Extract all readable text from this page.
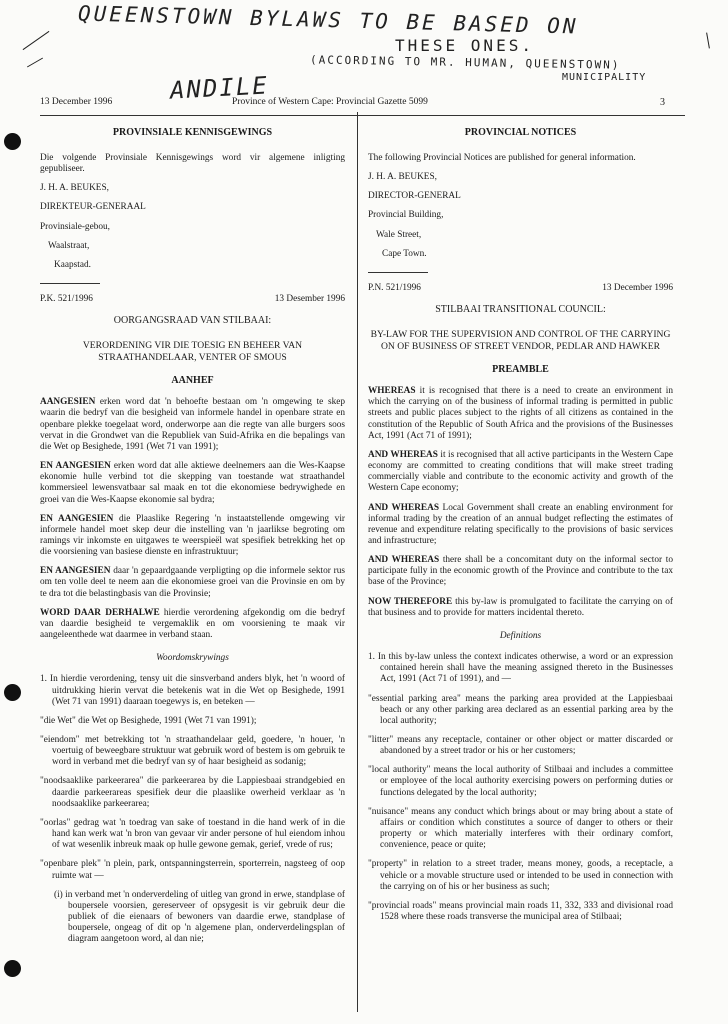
QUEENSTOWN BYLAWS TO BE BASED ON
THESE ONES.
(ACCORDING TO MR. HUMAN, QUEENSTOWN)
MUNICIPALITY
ANDILE
13 December 1996	Province of Western Cape: Provincial Gazette 5099	3
PROVINSIALE KENNISGEWINGS

Die volgende Provinsiale Kennisgewings word vir algemene inligting gepubliseer.

J. H. A. BEUKES,

DIREKTEUR-GENERAAL

Provinsiale-gebou,

Waalstraat,

Kaapstad.

P.K. 521/1996	13 Desember 1996
OORGANGSRAAD VAN STILBAAI:
VERORDENING VIR DIE TOESIG EN BEHEER VAN STRAATHANDELAAR, VENTER OF SMOUS
AANHEF

AANGESIEN erken word dat 'n behoefte bestaan om 'n omgewing te skep waarin die bedryf van die besigheid van informele handel in openbare strate en openbare plekke toegelaat word, onderworpe aan die regte van alle burgers soos vervat in die Grondwet van die Republiek van Suid-Afrika en die bepalings van die Wet op Besighede, 1991 (Wet 71 van 1991);

EN AANGESIEN erken word dat alle aktiewe deelnemers aan die Wes-Kaapse ekonomie hulle verbind tot die skepping van toestande wat straathandel kommersieel lewensvatbaar sal maak en tot die ekonomiese bedrywighede en groei van die Wes-Kaapse ekonomie sal bydra;

EN AANGESIEN die Plaaslike Regering 'n instaatstellende omgewing vir informele handel moet skep deur die instelling van 'n jaarlikse begroting om ramings vir inkomste en uitgawes te weerspieël wat spesifiek betrekking het op die voorsiening van basiese dienste en infrastruktuur;

EN AANGESIEN daar 'n gepaardgaande verpligting op die informele sektor rus om ten volle deel te neem aan die ekonomiese groei van die Provinsie en om by te dra tot die belastingbasis van die Provinsie;

WORD DAAR DERHALWE hierdie verordening afgekondig om die bedryf van daardie besigheid te vergemaklik en om voorsiening te maak vir aangeleenthede wat daarmee in verband staan.

Woordomskrywings

1. In hierdie verordening, tensy uit die sinsverband anders blyk, het 'n woord of uitdrukking hierin vervat die betekenis wat in die Wet op Besighede, 1991 (Wet 71 van 1991) daaraan toegewys is, en beteken —

"die Wet" die Wet op Besighede, 1991 (Wet 71 van 1991);

"eiendom" met betrekking tot 'n straathandelaar geld, goedere, 'n houer, 'n voertuig of beweegbare struktuur wat gebruik word of bestem is om gebruik te word in verband met die bedryf van sy of haar besigheid as sodanig;

"noodsaaklike parkeerarea" die parkeerarea by die Lappiesbaai strandgebied en daardie parkeerareas spesifiek deur die plaaslike owerheid verklaar as 'n noodsaaklike parkeerarea;

"oorlas" gedrag wat 'n toedrag van sake of toestand in die hand werk of in die hand kan werk wat 'n bron van gevaar vir ander persone of hul eiendom inhou of wat wesenlik inbreuk maak op hulle gewone gemak, gerief, vrede of rus;

"openbare plek" 'n plein, park, ontspanningsterrein, sporterrein, nagsteeg of oop ruimte wat —

(i) in verband met 'n onderverdeling of uitleg van grond in erwe, standplase of boupersele voorsien, gereserveer of opsygesit is vir gebruik deur die publiek of die eienaars of bewoners van daardie erwe, standplase of boupersele, ongeag of dit op 'n algemene plan, onderverdelingsplan of diagram aangetoon word, al dan nie;

PROVINCIAL NOTICES

The following Provincial Notices are published for general information.

J. H. A. BEUKES,

DIRECTOR-GENERAL

Provincial Building,

Wale Street,

Cape Town.

P.N. 521/1996	13 December 1996
STILBAAI TRANSITIONAL COUNCIL:
BY-LAW FOR THE SUPERVISION AND CONTROL OF THE CARRYING ON OF BUSINESS OF STREET VENDOR, PEDLAR AND HAWKER
PREAMBLE

WHEREAS it is recognised that there is a need to create an environment in which the carrying on of the business of informal trading is permitted in public streets and public places subject to the rights of all citizens as contained in the constitution of the Republic of South Africa and the provisions of the Businesses Act, 1991 (Act 71 of 1991);

AND WHEREAS it is recognised that all active participants in the Western Cape economy are committed to creating conditions that will make street trading commercially viable and contribute to the economic activity and growth of the Western Cape economy;

AND WHEREAS Local Government shall create an enabling environment for informal trading by the creation of an annual budget reflecting the estimates of revenue and expenditure relating specifically to the provisions of basic services and infrastructure;

AND WHEREAS there shall be a concomitant duty on the informal sector to participate fully in the economic growth of the Province and contribute to the tax base of the Province;

NOW THEREFORE this by-law is promulgated to facilitate the carrying on of that business and to provide for matters incidental thereto.

Definitions

1. In this by-law unless the context indicates otherwise, a word or an expression contained herein shall have the meaning assigned thereto in the Businesses Act, 1991 (Act 71 of 1991), and —

"essential parking area" means the parking area provided at the Lappiesbaai beach or any other parking area declared as an essential parking area by the local authority;

"litter" means any receptacle, container or other object or matter discarded or abandoned by a street trador or his or her customers;

"local authority" means the local authority of Stilbaai and includes a committee or employee of the local authority exercising powers on performing duties or functions delegated by the local authority;

"nuisance" means any conduct which brings about or may bring about a state of affairs or condition which constitutes a source of danger to others or their property or which materially interferes with their ordinary comfort, convenience, peace or quite;

"property" in relation to a street trader, means money, goods, a receptacle, a vehicle or a movable structure used or intended to be used in connection with the carrying on of his or her business as such;

"provincial roads" means provincial main roads 11, 332, 333 and divisional road 1528 where these roads transverse the municipal area of Stilbaai;
